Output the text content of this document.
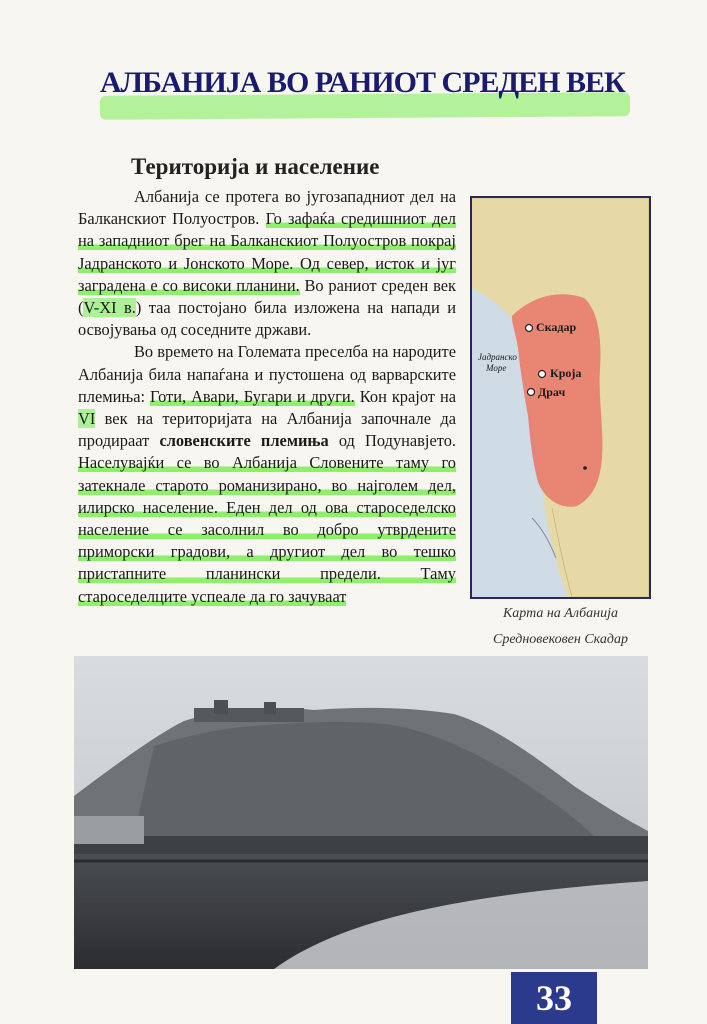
АЛБАНИЈА ВО РАНИОТ СРЕДЕН ВЕК
Територија и население

Албанија се протега во југозападниот дел на Балканскиот Полуостров. Го зафаќа средишниот дел на западниот брег на Балканскиот Полуостров покрај Јадранското и Јонското Море. Од север, исток и југ заградена е со високи планини. Во раниот среден век (V-XI в.) таа постојано била изложена на напади и освојувања од соседните држави.

Во времето на Големата преселба на народите Албанија била напаѓана и пустошена од варварските племиња: Готи, Авари, Бугари и други. Кон крајот на VI век на територијата на Албанија започнале да продираат словенските племиња од Подунавјето. Населувајќи се во Албанија Словените таму го затекнале старото романизирано, во најголем дел, илирско население. Еден дел од ова староседелско население се засолнил во добро утврдените приморски градови, а другиот дел во тешко пристапните планински предели. Таму староседелците успеале да го зачуваат

Скадар
Кроја
Драч
Јадранско
Море
Карта на Албанија
Средновековен Скадар
33
